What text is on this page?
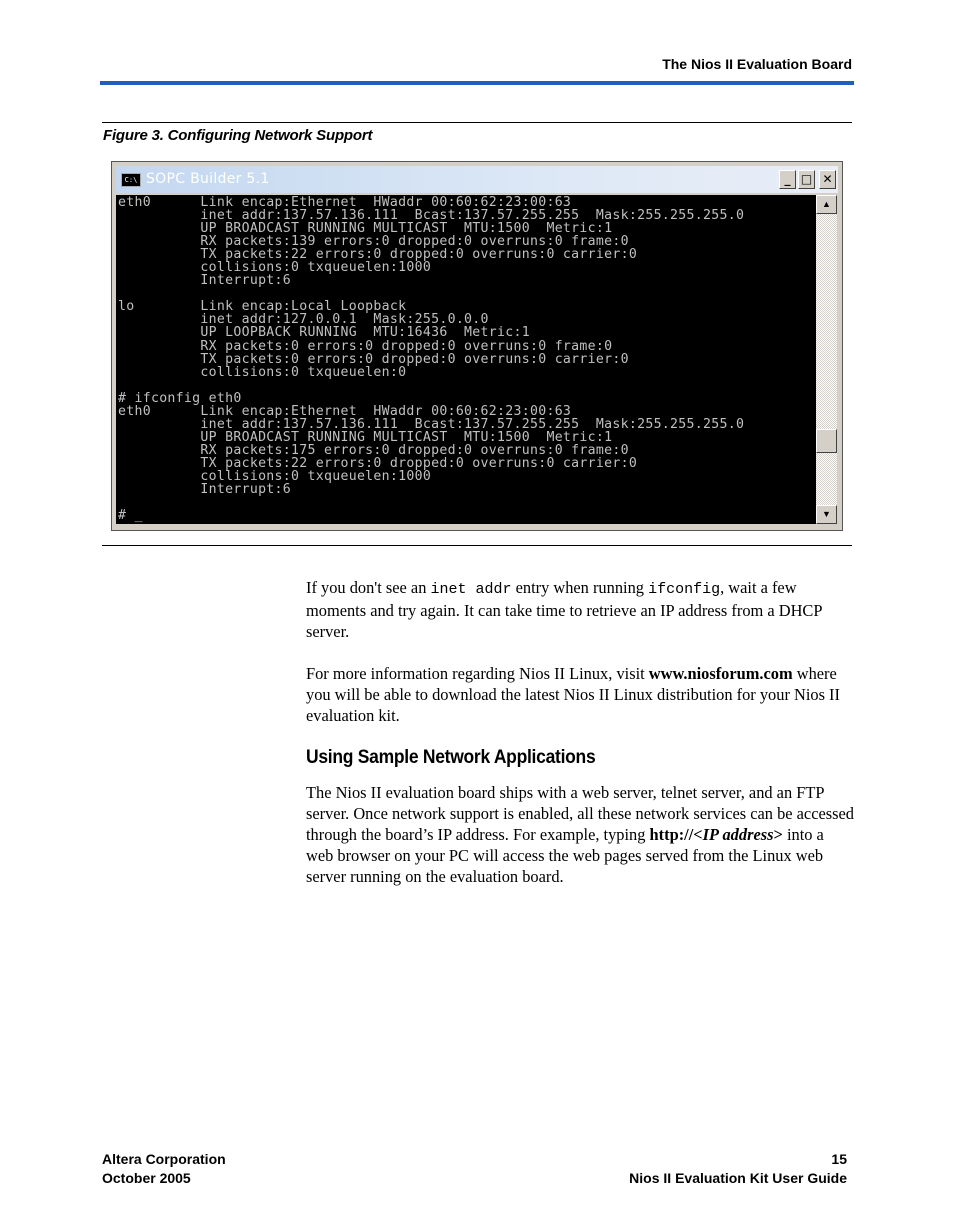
The Nios II Evaluation Board
Figure 3. Configuring Network Support
C:\ SOPC Builder 5.1	_ □ ✕
eth0      Link encap:Ethernet  HWaddr 00:60:62:23:00:63
inet addr:137.57.136.111  Bcast:137.57.255.255  Mask:255.255.255.0
UP BROADCAST RUNNING MULTICAST  MTU:1500  Metric:1
RX packets:139 errors:0 dropped:0 overruns:0 frame:0
TX packets:22 errors:0 dropped:0 overruns:0 carrier:0
collisions:0 txqueuelen:1000
Interrupt:6

lo        Link encap:Local Loopback
inet addr:127.0.0.1  Mask:255.0.0.0
UP LOOPBACK RUNNING  MTU:16436  Metric:1
RX packets:0 errors:0 dropped:0 overruns:0 frame:0
TX packets:0 errors:0 dropped:0 overruns:0 carrier:0
collisions:0 txqueuelen:0

# ifconfig eth0
eth0      Link encap:Ethernet  HWaddr 00:60:62:23:00:63
inet addr:137.57.136.111  Bcast:137.57.255.255  Mask:255.255.255.0
UP BROADCAST RUNNING MULTICAST  MTU:1500  Metric:1
RX packets:175 errors:0 dropped:0 overruns:0 frame:0
TX packets:22 errors:0 dropped:0 overruns:0 carrier:0
collisions:0 txqueuelen:1000
Interrupt:6

# _
▲
▼

If you don't see an inet addr entry when running ifconfig, wait a few moments and try again. It can take time to retrieve an IP address from a DHCP server.

For more information regarding Nios II Linux, visit www.niosforum.com where you will be able to download the latest Nios II Linux distribution for your Nios II evaluation kit.

Using Sample Network Applications

The Nios II evaluation board ships with a web server, telnet server, and an FTP server. Once network support is enabled, all these network services can be accessed through the board’s IP address. For example, typing http://<IP address> into a web browser on your PC will access the web pages served from the Linux web server running on the evaluation board.

Altera Corporation
October 2005
15
Nios II Evaluation Kit User Guide
